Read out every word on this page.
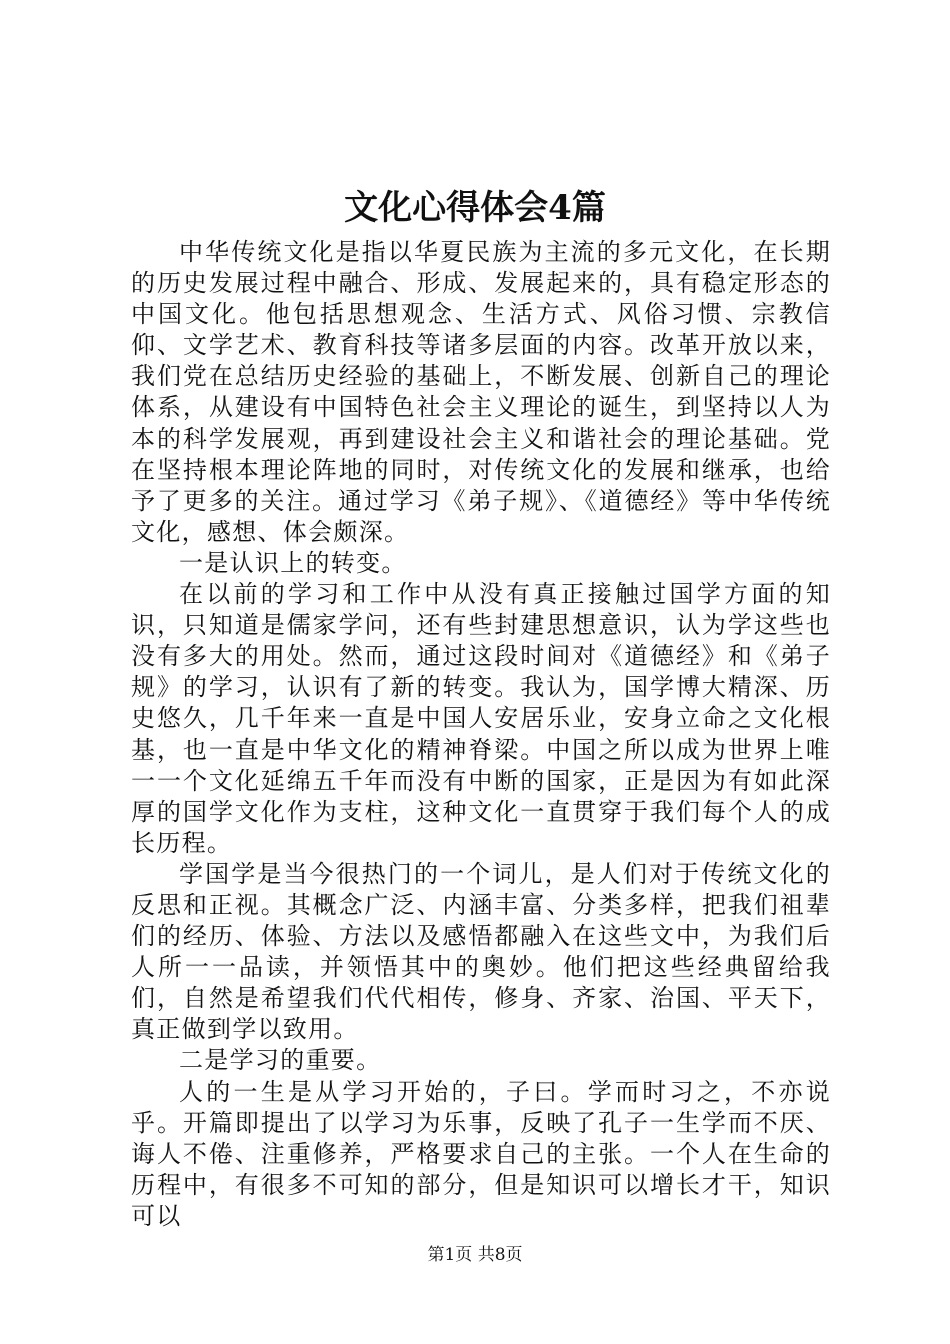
文化心得体会4篇

中华传统文化是指以华夏民族为主流的多元文化，在长期的历史发展过程中融合、形成、发展起来的，具有稳定形态的中国文化。他包括思想观念、生活方式、风俗习惯、宗教信仰、文学艺术、教育科技等诸多层面的内容。改革开放以来，我们党在总结历史经验的基础上，不断发展、创新自己的理论体系，从建设有中国特色社会主义理论的诞生，到坚持以人为本的科学发展观，再到建设社会主义和谐社会的理论基础。党在坚持根本理论阵地的同时，对传统文化的发展和继承，也给予了更多的关注。通过学习《弟子规》、《道德经》等中华传统文化，感想、体会颇深。

一是认识上的转变。

在以前的学习和工作中从没有真正接触过国学方面的知识，只知道是儒家学问，还有些封建思想意识，认为学这些也没有多大的用处。然而，通过这段时间对《道德经》和《弟子规》的学习，认识有了新的转变。我认为，国学博大精深、历史悠久，几千年来一直是中国人安居乐业，安身立命之文化根基，也一直是中华文化的精神脊梁。中国之所以成为世界上唯一一个文化延绵五千年而没有中断的国家，正是因为有如此深厚的国学文化作为支柱，这种文化一直贯穿于我们每个人的成长历程。

学国学是当今很热门的一个词儿，是人们对于传统文化的反思和正视。其概念广泛、内涵丰富、分类多样，把我们祖辈们的经历、体验、方法以及感悟都融入在这些文中，为我们后人所一一品读，并领悟其中的奥妙。他们把这些经典留给我们，自然是希望我们代代相传，修身、齐家、治国、平天下，真正做到学以致用。

二是学习的重要。

人的一生是从学习开始的，子曰。学而时习之，不亦说乎。开篇即提出了以学习为乐事，反映了孔子一生学而不厌、诲人不倦、注重修养，严格要求自己的主张。一个人在生命的历程中，有很多不可知的部分，但是知识可以增长才干，知识可以

第1页 共8页
